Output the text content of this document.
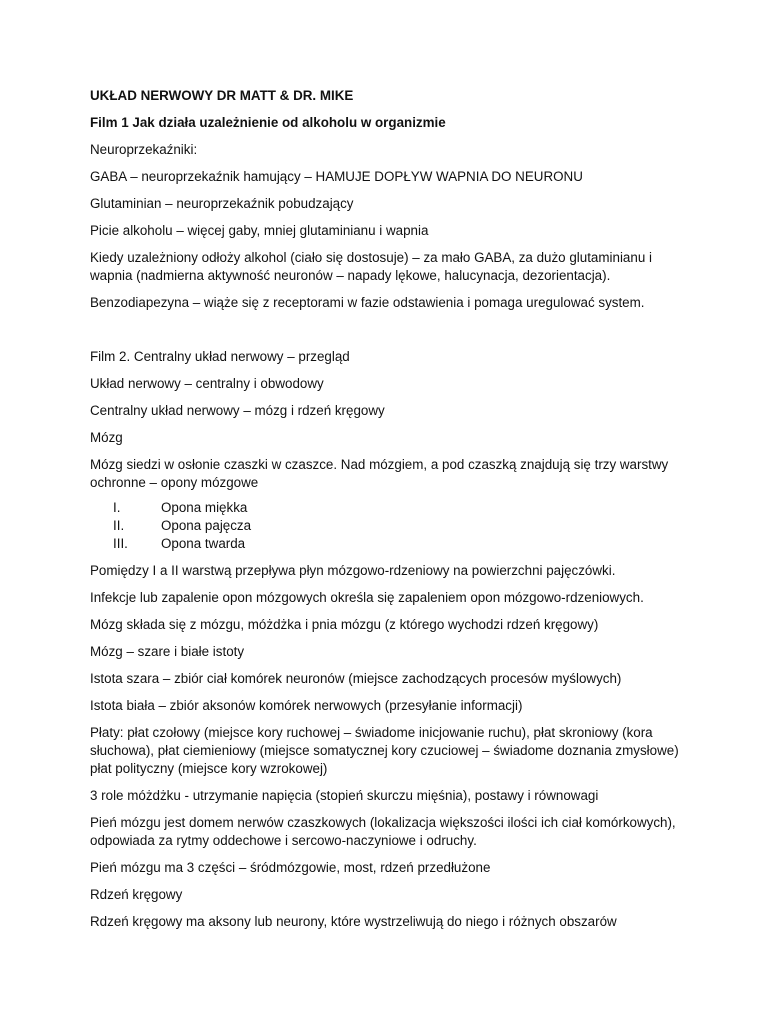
UKŁAD NERWOWY DR MATT & DR. MIKE

Film 1 Jak działa uzależnienie od alkoholu w organizmie

Neuroprzekaźniki:

GABA – neuroprzekaźnik hamujący – HAMUJE DOPŁYW WAPNIA DO NEURONU

Glutaminian – neuroprzekaźnik pobudzający

Picie alkoholu – więcej gaby, mniej glutaminianu i wapnia

Kiedy uzależniony odłoży alkohol (ciało się dostosuje) – za mało GABA, za dużo glutaminianu i wapnia (nadmierna aktywność neuronów – napady lękowe, halucynacja, dezorientacja).

Benzodiapezyna – wiąże się z receptorami w fazie odstawienia i pomaga uregulować system.

Film 2. Centralny układ nerwowy – przegląd

Układ nerwowy – centralny i obwodowy

Centralny układ nerwowy – mózg i rdzeń kręgowy

Mózg

Mózg siedzi w osłonie czaszki w czaszce. Nad mózgiem, a pod czaszką znajdują się trzy warstwy ochronne – opony mózgowe

I.	Opona miękka
II.	Opona pajęcza
III.	Opona twarda

Pomiędzy I a II warstwą przepływa płyn mózgowo-rdzeniowy na powierzchni pajęczówki.

Infekcje lub zapalenie opon mózgowych określa się zapaleniem opon mózgowo-rdzeniowych.

Mózg składa się z mózgu, móżdżka i pnia mózgu (z którego wychodzi rdzeń kręgowy)

Mózg – szare i białe istoty

Istota szara – zbiór ciał komórek neuronów (miejsce zachodzących procesów myślowych)

Istota biała – zbiór aksonów komórek nerwowych (przesyłanie informacji)

Płaty: płat czołowy (miejsce kory ruchowej – świadome inicjowanie ruchu), płat skroniowy (kora słuchowa), płat ciemieniowy (miejsce somatycznej kory czuciowej – świadome doznania zmysłowe) płat polityczny (miejsce kory wzrokowej)

3 role móżdżku - utrzymanie napięcia (stopień skurczu mięśnia), postawy i równowagi

Pień mózgu jest domem nerwów czaszkowych (lokalizacja większości ilości ich ciał komórkowych), odpowiada za rytmy oddechowe i sercowo-naczyniowe i odruchy.

Pień mózgu ma 3 części – śródmózgowie, most, rdzeń przedłużone

Rdzeń kręgowy

Rdzeń kręgowy ma aksony lub neurony, które wystrzeliwują do niego i różnych obszarów
